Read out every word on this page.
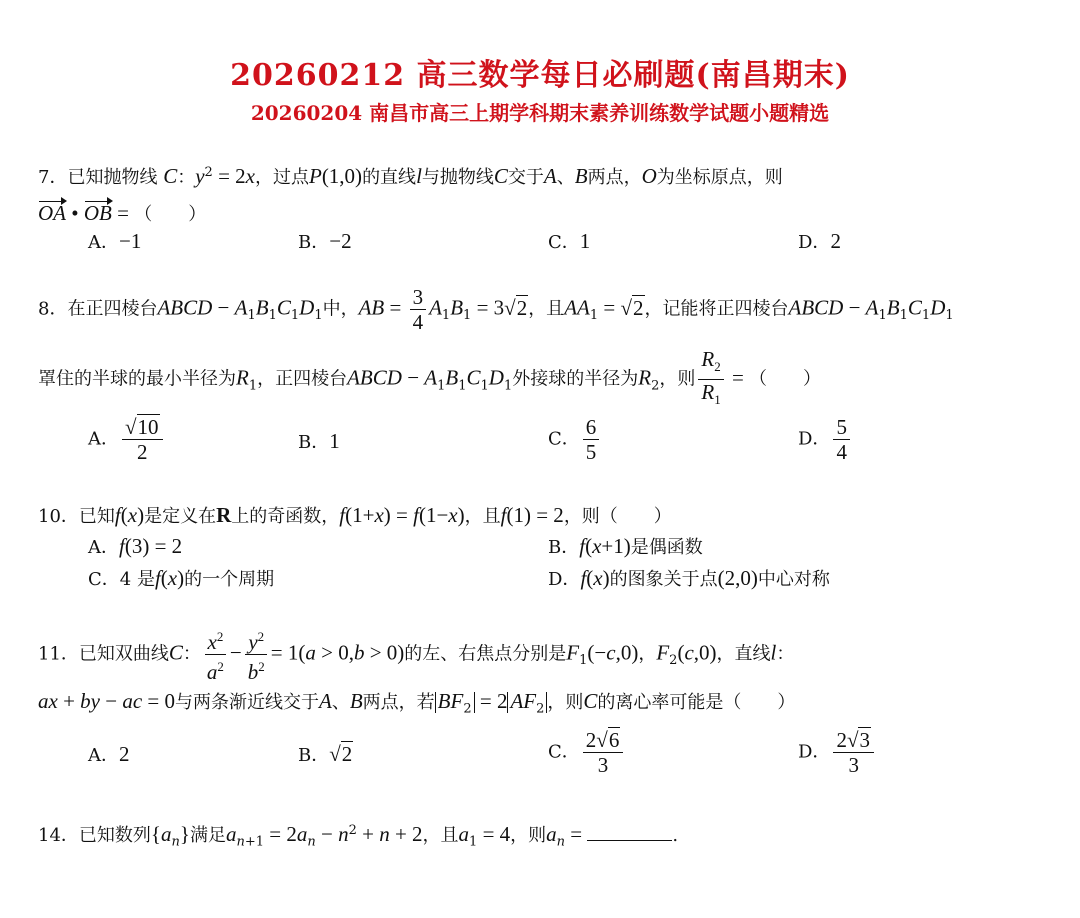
20260212 高三数学每日必刷题(南昌期末)
20260204 南昌市高三上期学科期末素养训练数学试题小题精选
7．已知抛物线 C：$y^2 = 2x$，过点P(1,0)的直线l与抛物线C交于A、B两点，O为坐标原点，则
OA • OB = （　　）
A．−1	B．−2	C．1	D．2
8．在正四棱台ABCD − $A_1B_1C_1D_1$中，AB = $\frac{3}{4} A_1B_1 = 3√2$，且$AA_1 = √2$，记能将正四棱台ABCD − $A_1B_1C_1D_1$
罩住的半球的最小半径为$R_1$，正四棱台ABCD − $A_1B_1C_1D_1$外接球的半径为$R_2$，则 $\frac{R_2}{R_1}$ = （　　）
A． $\frac{√10}{2}$	B．1	C． $\frac{6}{5}$	D． $\frac{5}{4}$
10．已知f(x)是定义在R上的奇函数，f(1+x) = f(1−x)，且f(1) = 2，则（　　）
A．f(3) = 2	B．f(x+1)是偶函数
C．4 是f(x)的一个周期	D．f(x)的图象关于点(2,0)中心对称
11．已知双曲线C： $\frac{x^2}{a^2} - \frac{y^2}{b^2} = 1(a > 0,b > 0)$的左、右焦点分别是$F_1(-c,0)$，$F_2(c,0)$，直线l：
ax + by − ac = 0与两条渐近线交于A、B两点，若 $BF_2 = 2$ $AF_2$ ，则C的离心率可能是（　　）
A．2	B．√2	C． $\frac{2√6}{3}$	D． $\frac{2√3}{3}$
14．已知数列$\{a_n\}$满足$a_{n+1} = 2a_n - n^2 + n + 2$，且$a_1 = 4$，则$a_n$ =	.
